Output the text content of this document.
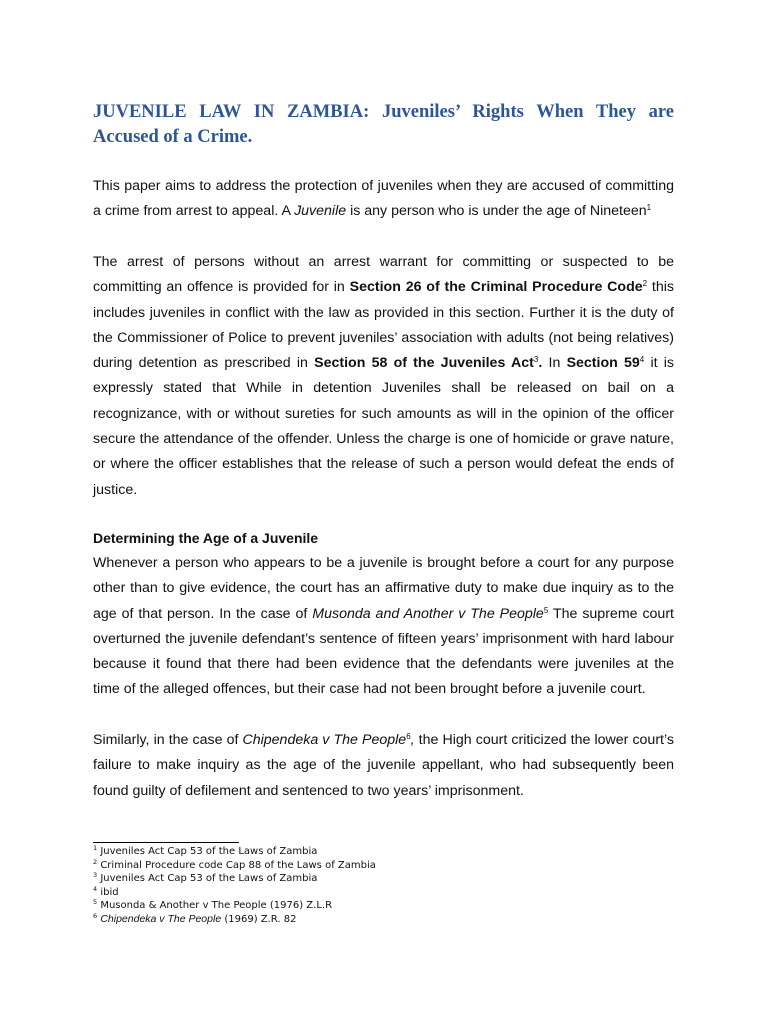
JUVENILE LAW IN ZAMBIA: Juveniles’ Rights When They are Accused of a Crime.

This paper aims to address the protection of juveniles when they are accused of committing a crime from arrest to appeal. A Juvenile is any person who is under the age of Nineteen$^1$

The arrest of persons without an arrest warrant for committing or suspected to be committing an offence is provided for in Section 26 of the Criminal Procedure Code$^2$ this includes juveniles in conflict with the law as provided in this section. Further it is the duty of the Commissioner of Police to prevent juveniles’ association with adults (not being relatives) during detention as prescribed in Section 58 of the Juveniles Act$^3$. In Section $59^4$ it is expressly stated that While in detention Juveniles shall be released on bail on a recognizance, with or without sureties for such amounts as will in the opinion of the officer secure the attendance of the offender. Unless the charge is one of homicide or grave nature, or where the officer establishes that the release of such a person would defeat the ends of justice.

Determining the Age of a Juvenile

Whenever a person who appears to be a juvenile is brought before a court for any purpose other than to give evidence, the court has an affirmative duty to make due inquiry as to the age of that person. In the case of Musonda and Another v The People$^5$ The supreme court overturned the juvenile defendant’s sentence of fifteen years’ imprisonment with hard labour because it found that there had been evidence that the defendants were juveniles at the time of the alleged offences, but their case had not been brought before a juvenile court.

Similarly, in the case of Chipendeka v The People$^6$, the High court criticized the lower court’s failure to make inquiry as the age of the juvenile appellant, who had subsequently been found guilty of defilement and sentenced to two years’ imprisonment.

$^1$ Juveniles Act Cap 53 of the Laws of Zambia
$^2$ Criminal Procedure code Cap 88 of the Laws of Zambia
$^3$ Juveniles Act Cap 53 of the Laws of Zambia
$^4$ ibid
$^5$ Musonda & Another v The People (1976) Z.L.R
$^6$ Chipendeka v The People (1969) Z.R. 82
